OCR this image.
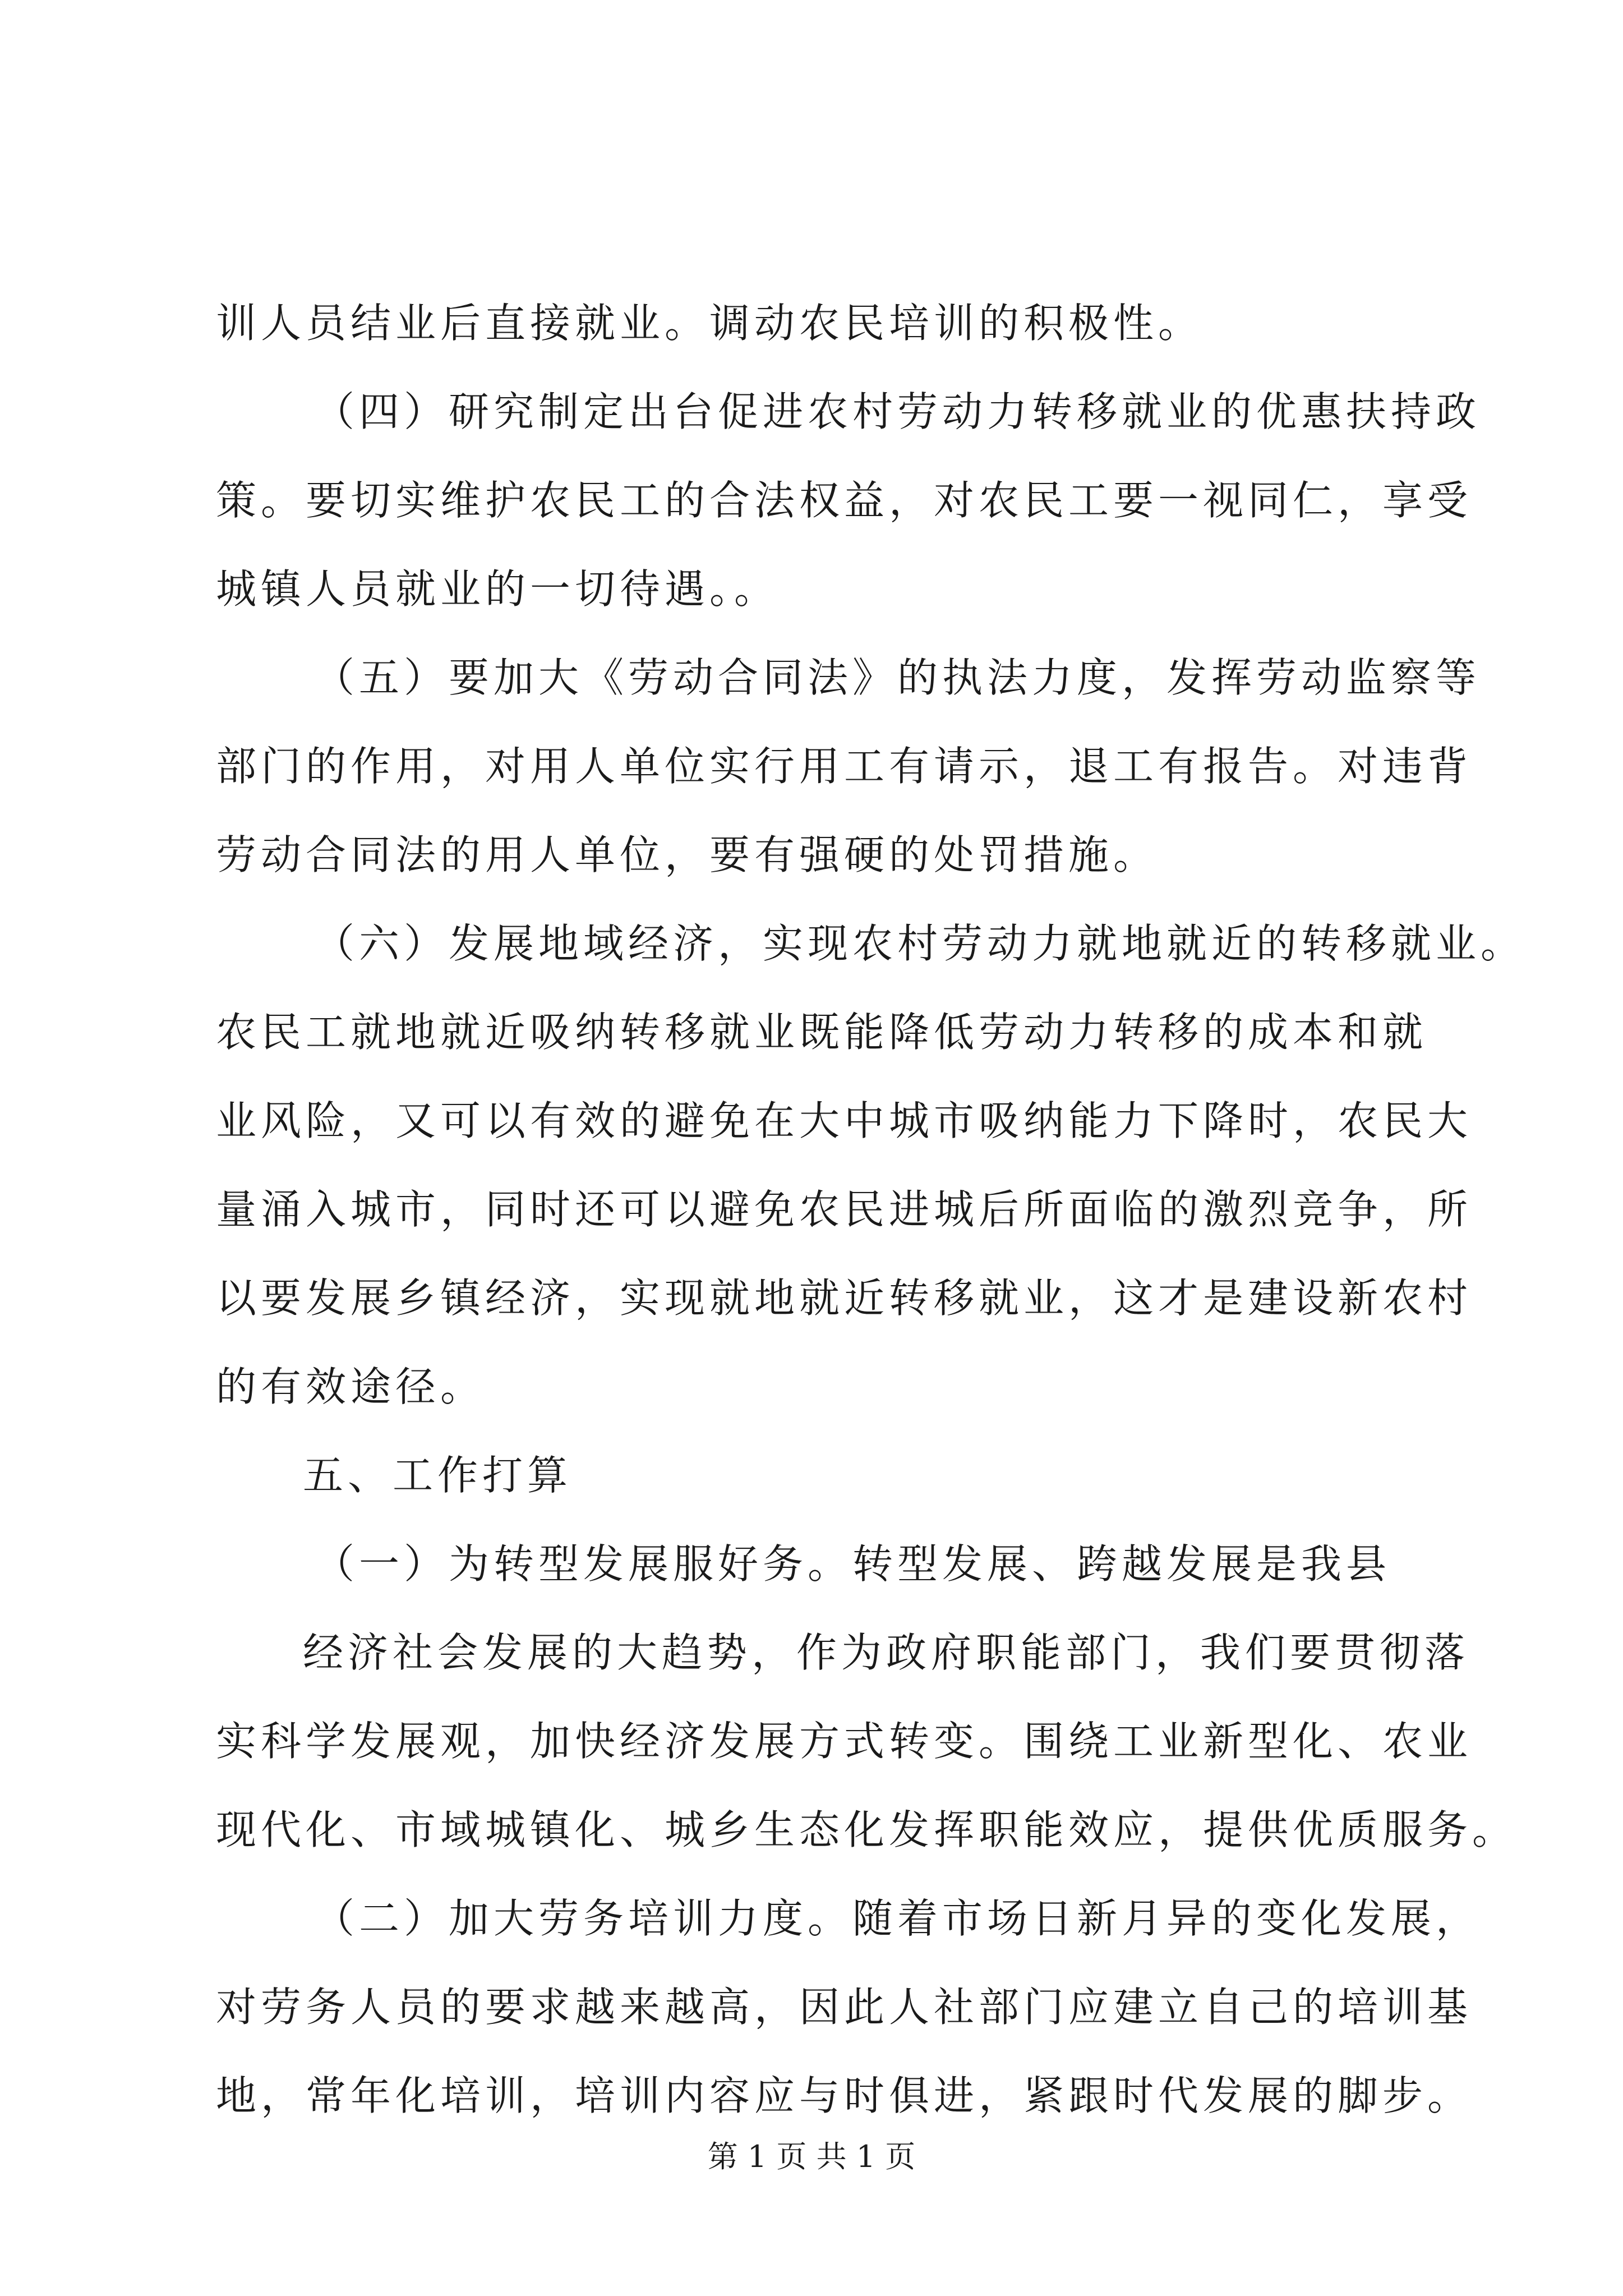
训人员结业后直接就业。调动农民培训的积极性。
（四）研究制定出台促进农村劳动力转移就业的优惠扶持政
策。要切实维护农民工的合法权益，对农民工要一视同仁，享受
城镇人员就业的一切待遇。。
（五）要加大《劳动合同法》的执法力度，发挥劳动监察等
部门的作用，对用人单位实行用工有请示，退工有报告。对违背
劳动合同法的用人单位，要有强硬的处罚措施。
（六）发展地域经济，实现农村劳动力就地就近的转移就业。
农民工就地就近吸纳转移就业既能降低劳动力转移的成本和就
业风险，又可以有效的避免在大中城市吸纳能力下降时，农民大
量涌入城市，同时还可以避免农民进城后所面临的激烈竞争，所
以要发展乡镇经济，实现就地就近转移就业，这才是建设新农村
的有效途径。
五、工作打算
（一）为转型发展服好务。转型发展、跨越发展是我县
经济社会发展的大趋势，作为政府职能部门，我们要贯彻落
实科学发展观，加快经济发展方式转变。围绕工业新型化、农业
现代化、市域城镇化、城乡生态化发挥职能效应，提供优质服务。
（二）加大劳务培训力度。随着市场日新月异的变化发展，
对劳务人员的要求越来越高，因此人社部门应建立自己的培训基
地，常年化培训，培训内容应与时俱进，紧跟时代发展的脚步。
第 1 页 共 1 页
